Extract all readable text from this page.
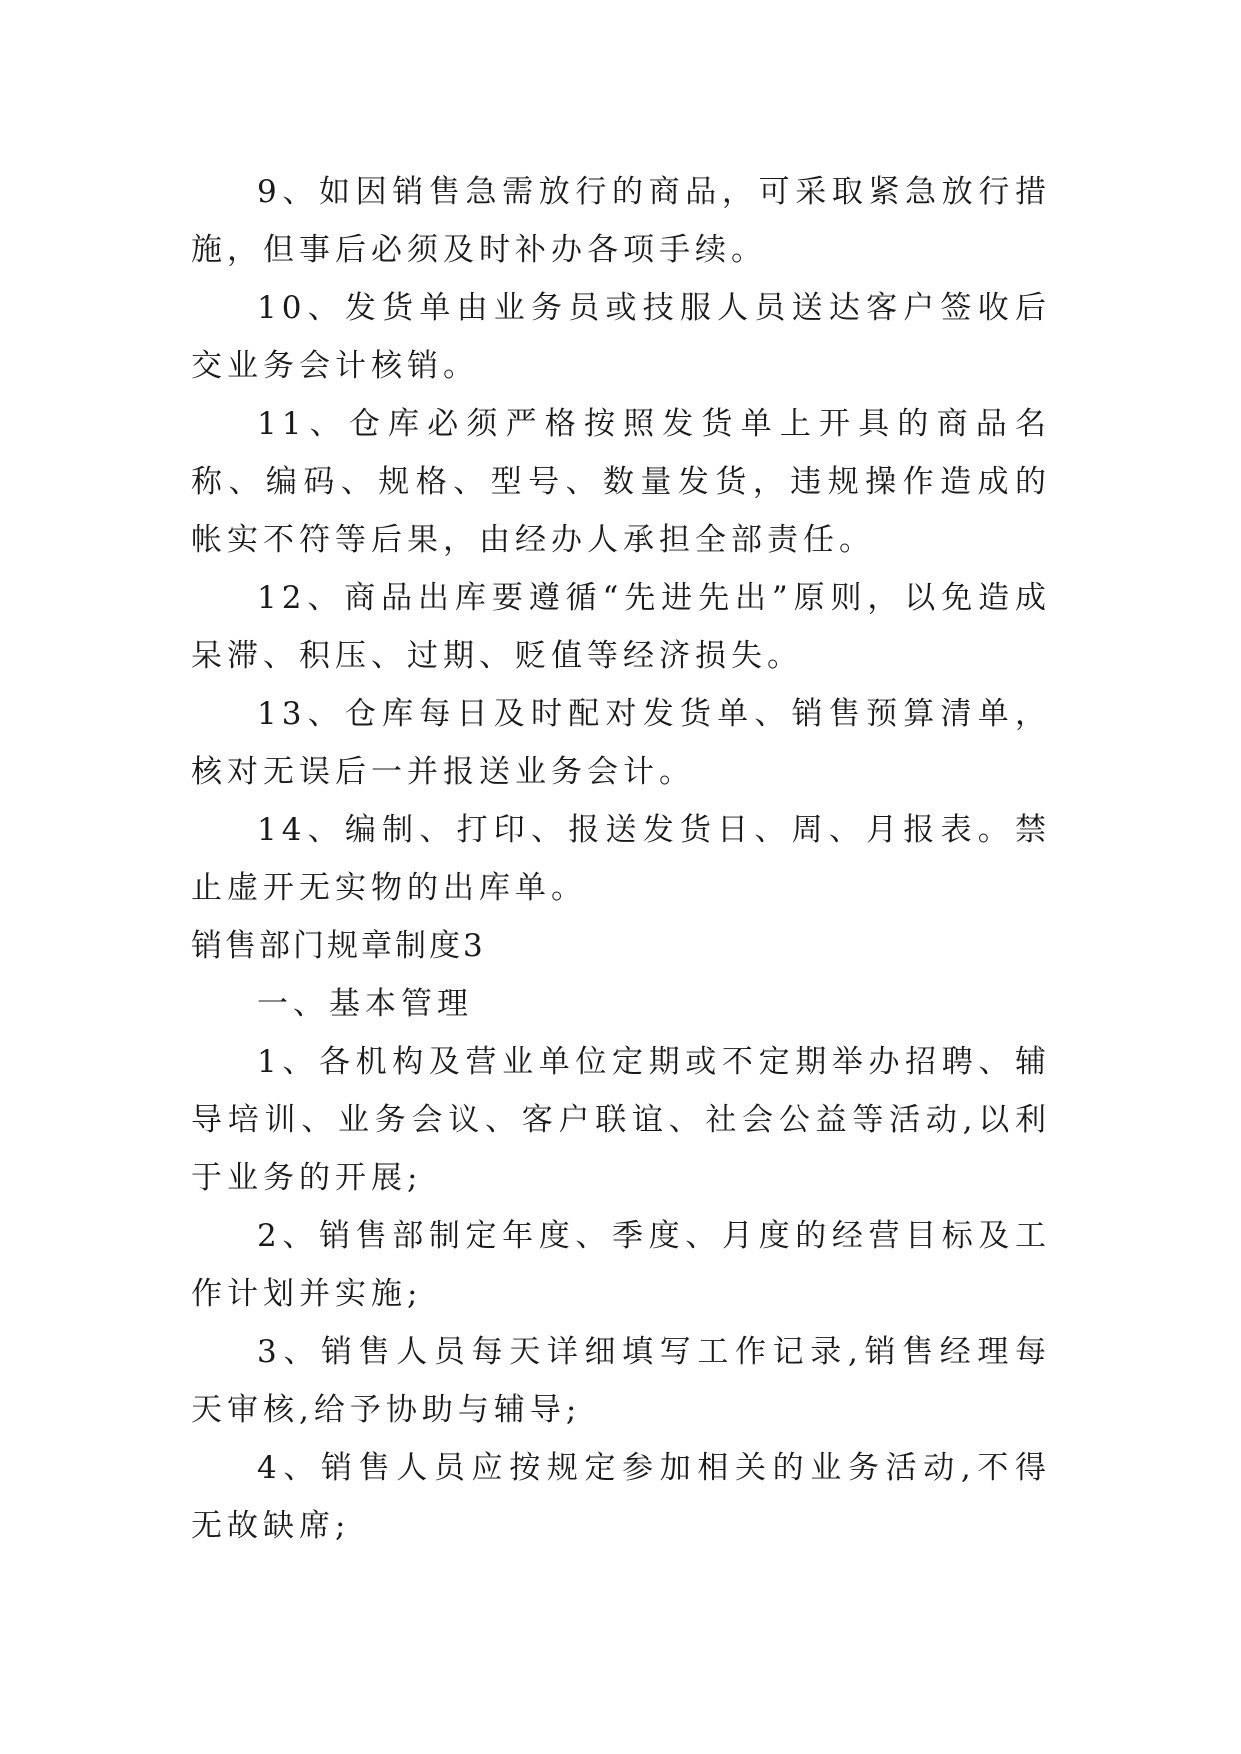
9、如因销售急需放行的商品，可采取紧急放行措施，但事后必须及时补办各项手续。

10、发货单由业务员或技服人员送达客户签收后交业务会计核销。

11、仓库必须严格按照发货单上开具的商品名称、编码、规格、型号、数量发货，违规操作造成的帐实不符等后果，由经办人承担全部责任。

12、商品出库要遵循“先进先出”原则，以免造成呆滞、积压、过期、贬值等经济损失。

13、仓库每日及时配对发货单、销售预算清单，核对无误后一并报送业务会计。

14、编制、打印、报送发货日、周、月报表。禁止虚开无实物的出库单。

销售部门规章制度3

一、基本管理

1、各机构及营业单位定期或不定期举办招聘、辅导培训、业务会议、客户联谊、社会公益等活动,以利于业务的开展;

2、销售部制定年度、季度、月度的经营目标及工作计划并实施;

3、销售人员每天详细填写工作记录,销售经理每天审核,给予协助与辅导;

4、销售人员应按规定参加相关的业务活动,不得无故缺席;
